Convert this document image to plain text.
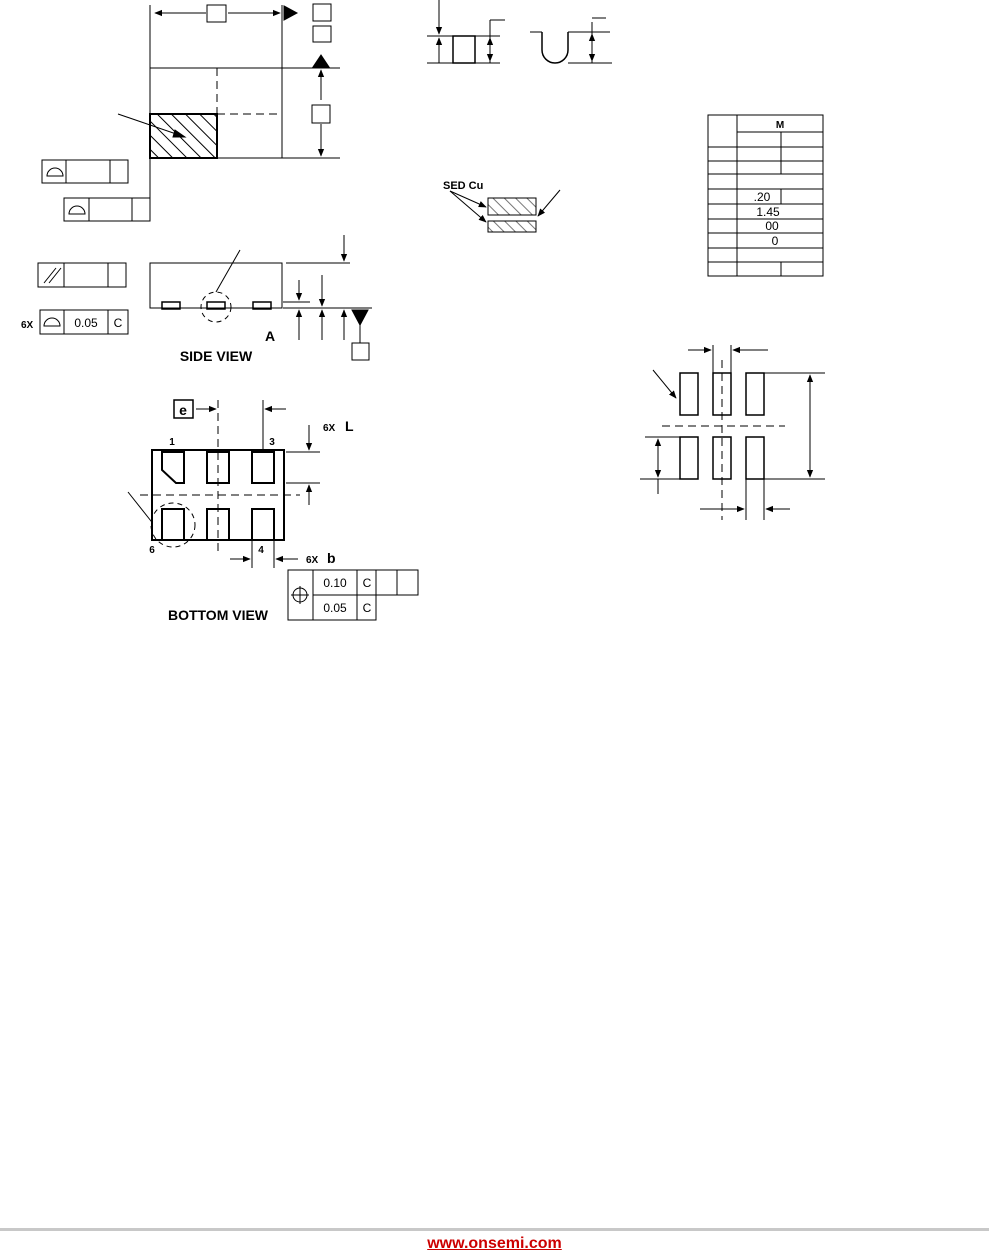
SIDE VIEW
BOTTOM VIEW
6X	0.05 C
A
e
1	3
6	4
6X L
6X b
0.10 C
0.05 C
SED Cu
M
.20
1.45
00
0
www.onsemi.com
